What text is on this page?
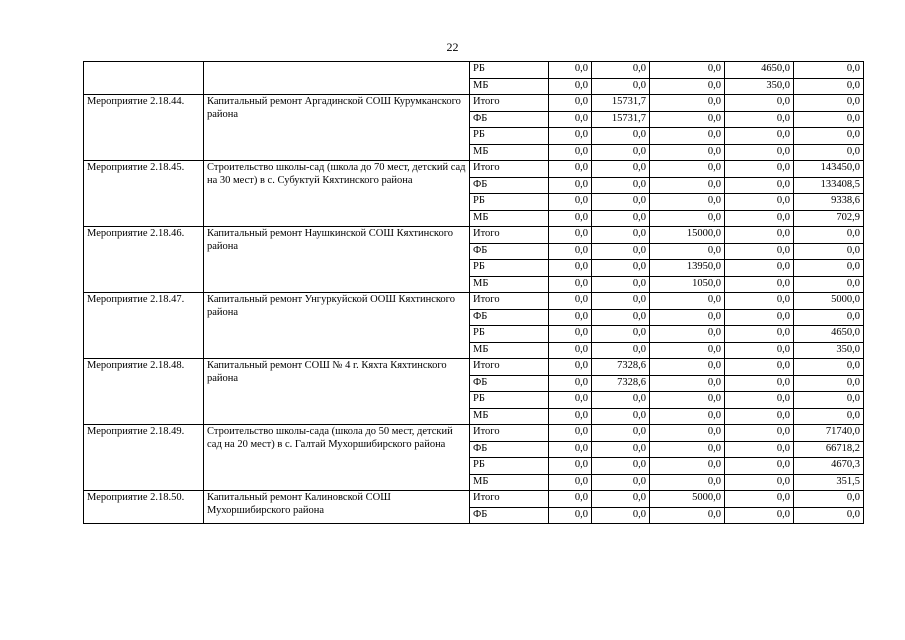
22
		РБ	0,0	0,0	0,0	4650,0	0,0
		МБ	0,0	0,0	0,0	350,0	0,0
Мероприятие 2.18.44.	Капитальный ремонт Аргадинской СОШ Курумканского района	Итого	0,0	15731,7	0,0	0,0	0,0
		ФБ	0,0	15731,7	0,0	0,0	0,0
		РБ	0,0	0,0	0,0	0,0	0,0
		МБ	0,0	0,0	0,0	0,0	0,0
Мероприятие 2.18.45.	Строительство школы-сад (школа до 70 мест, детский сад на 30 мест) в с. Субуктуй Кяхтинского района	Итого	0,0	0,0	0,0	0,0	143450,0
		ФБ	0,0	0,0	0,0	0,0	133408,5
		РБ	0,0	0,0	0,0	0,0	9338,6
		МБ	0,0	0,0	0,0	0,0	702,9
Мероприятие 2.18.46.	Капитальный ремонт Наушкинской СОШ Кяхтинского района	Итого	0,0	0,0	15000,0	0,0	0,0
		ФБ	0,0	0,0	0,0	0,0	0,0
		РБ	0,0	0,0	13950,0	0,0	0,0
		МБ	0,0	0,0	1050,0	0,0	0,0
Мероприятие 2.18.47.	Капитальный ремонт Унгуркуйской ООШ Кяхтинского района	Итого	0,0	0,0	0,0	0,0	5000,0
		ФБ	0,0	0,0	0,0	0,0	0,0
		РБ	0,0	0,0	0,0	0,0	4650,0
		МБ	0,0	0,0	0,0	0,0	350,0
Мероприятие 2.18.48.	Капитальный ремонт СОШ № 4 г. Кяхта Кяхтинского района	Итого	0,0	7328,6	0,0	0,0	0,0
		ФБ	0,0	7328,6	0,0	0,0	0,0
		РБ	0,0	0,0	0,0	0,0	0,0
		МБ	0,0	0,0	0,0	0,0	0,0
Мероприятие 2.18.49.	Строительство школы-сада (школа до 50 мест, детский сад на 20 мест) в с. Галтай Мухоршибирского района	Итого	0,0	0,0	0,0	0,0	71740,0
		ФБ	0,0	0,0	0,0	0,0	66718,2
		РБ	0,0	0,0	0,0	0,0	4670,3
		МБ	0,0	0,0	0,0	0,0	351,5
Мероприятие 2.18.50.	Капитальный ремонт Калиновской СОШ Мухоршибирского района	Итого	0,0	0,0	5000,0	0,0	0,0
		ФБ	0,0	0,0	0,0	0,0	0,0
